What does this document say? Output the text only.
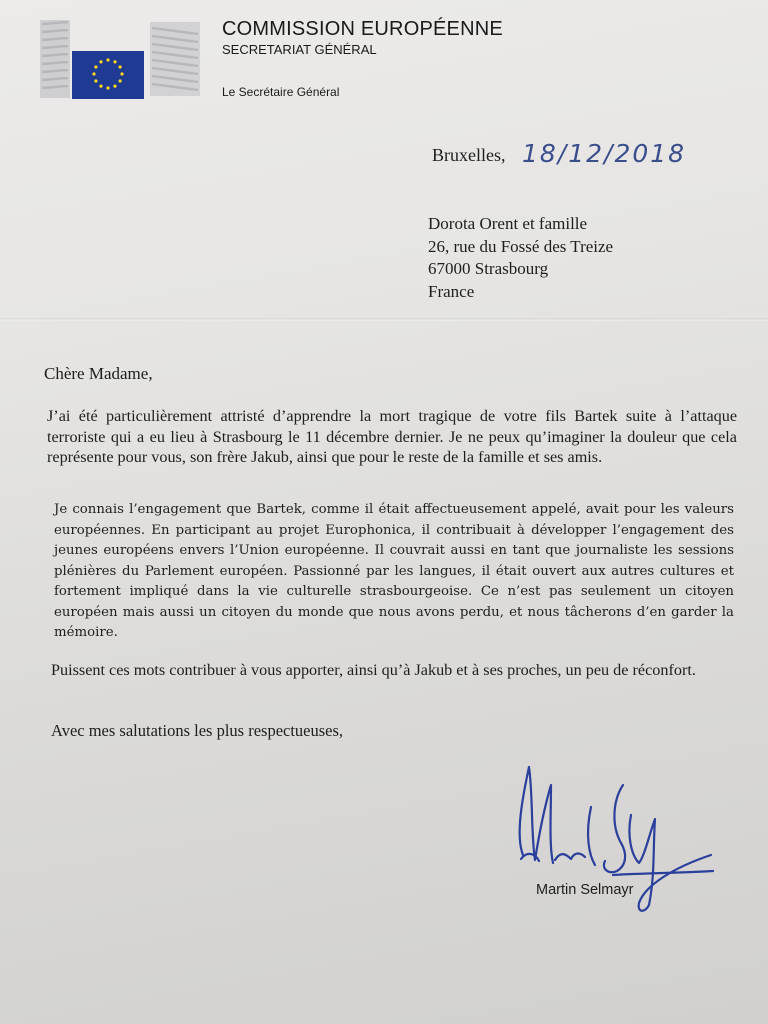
COMMISSION EUROPÉENNE
SECRETARIAT GÉNÉRAL
Le Secrétaire Général
Bruxelles, 18/12/2018
Dorota Orent et famille
26, rue du Fossé des Treize
67000 Strasbourg
France
Chère Madame,

J’ai été particulièrement attristé d’apprendre la mort tragique de votre fils Bartek suite à l’attaque terroriste qui a eu lieu à Strasbourg le 11 décembre dernier. Je ne peux qu’imaginer la douleur que cela représente pour vous, son frère Jakub, ainsi que pour le reste de la famille et ses amis.

Je connais l’engagement que Bartek, comme il était affectueusement appelé, avait pour les valeurs européennes. En participant au projet Europhonica, il contribuait à développer l’engagement des jeunes européens envers l’Union européenne. Il couvrait aussi en tant que journaliste les sessions plénières du Parlement européen. Passionné par les langues, il était ouvert aux autres cultures et fortement impliqué dans la vie culturelle strasbourgeoise. Ce n’est pas seulement un citoyen européen mais aussi un citoyen du monde que nous avons perdu, et nous tâcherons d’en garder la mémoire.

Puissent ces mots contribuer à vous apporter, ainsi qu’à Jakub et à ses proches, un peu de réconfort.

Avec mes salutations les plus respectueuses,
Martin Selmayr
